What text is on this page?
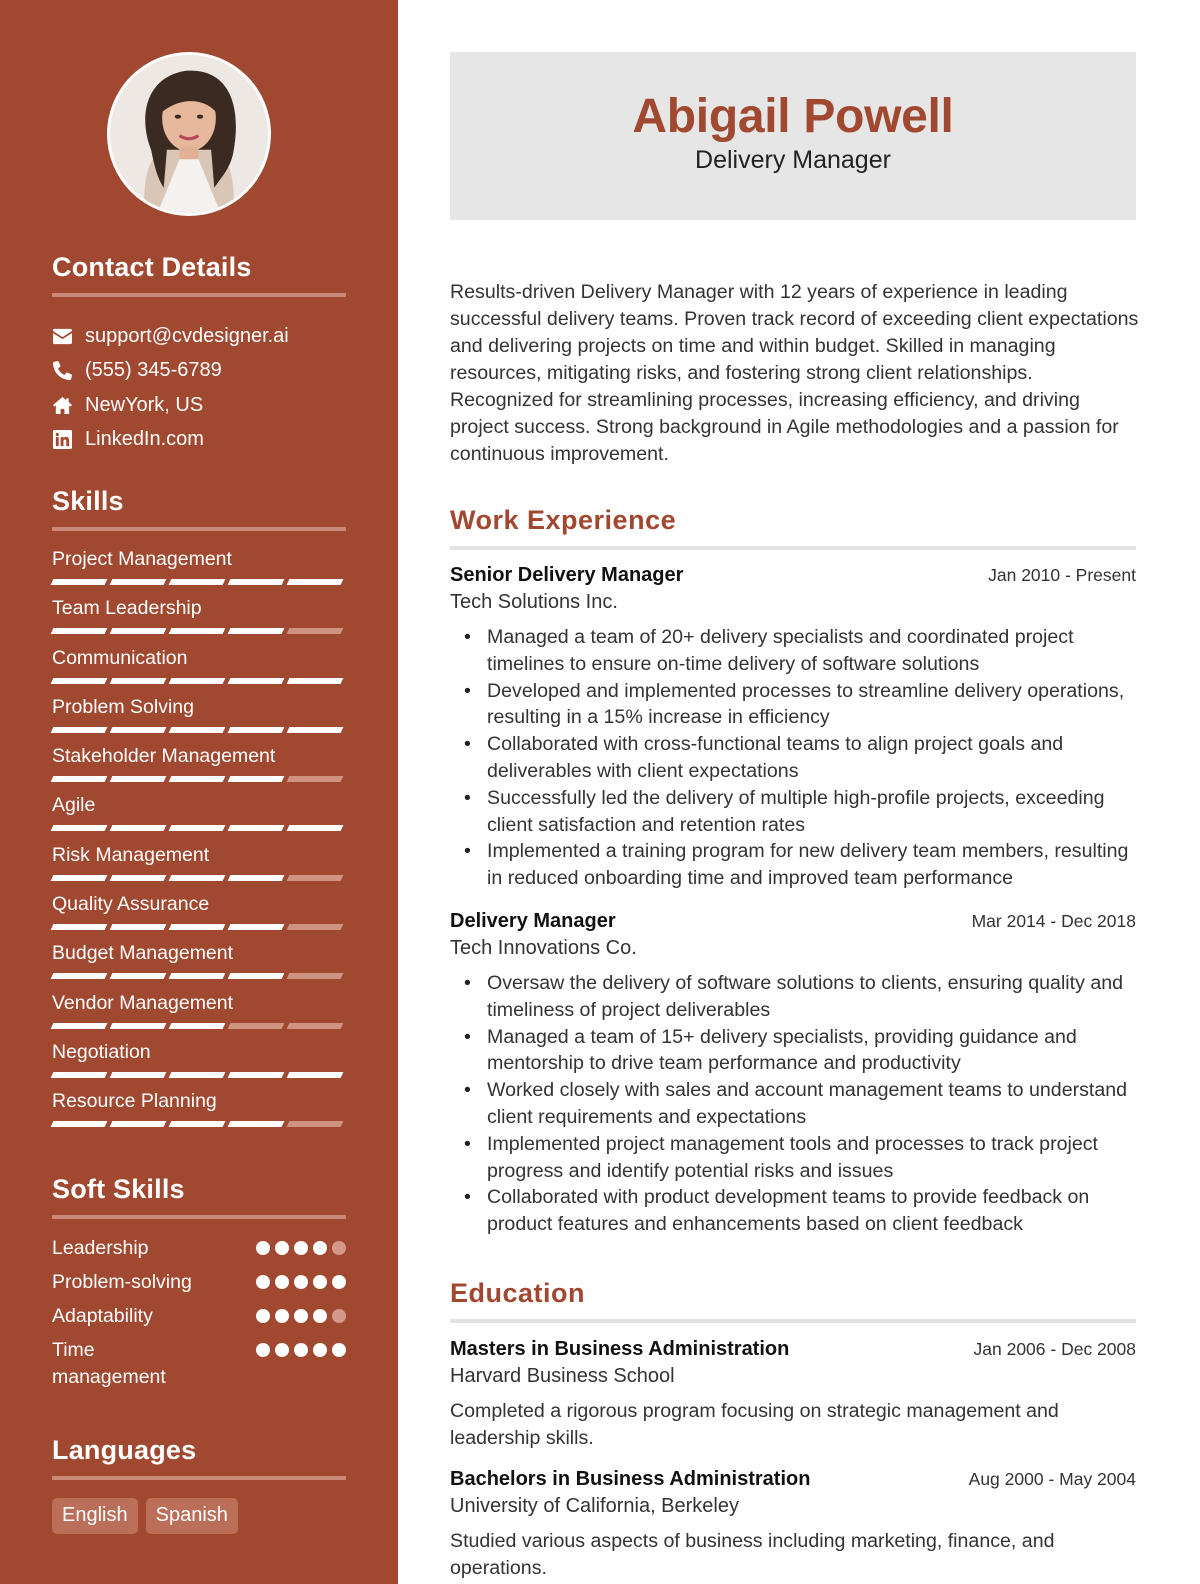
Contact Details
support@cvdesigner.ai
(555) 345-6789
NewYork, US
LinkedIn.com
Skills
Project Management
Team Leadership
Communication
Problem Solving
Stakeholder Management
Agile
Risk Management
Quality Assurance
Budget Management
Vendor Management
Negotiation
Resource Planning
Soft Skills
Leadership
Problem-solving
Adaptability
Time
management
Languages
English	Spanish
Abigail Powell
Delivery Manager

Results-driven Delivery Manager with 12 years of experience in leading successful delivery teams. Proven track record of exceeding client expectations and delivering projects on time and within budget. Skilled in managing resources, mitigating risks, and fostering strong client relationships. Recognized for streamlining processes, increasing efficiency, and driving project success. Strong background in Agile methodologies and a passion for continuous improvement.

Work Experience
Senior Delivery Manager	Jan 2010 - Present
Tech Solutions Inc.
• Managed a team of 20+ delivery specialists and coordinated project timelines to ensure on-time delivery of software solutions
• Developed and implemented processes to streamline delivery operations, resulting in a 15% increase in efficiency
• Collaborated with cross-functional teams to align project goals and deliverables with client expectations
• Successfully led the delivery of multiple high-profile projects, exceeding client satisfaction and retention rates
• Implemented a training program for new delivery team members, resulting in reduced onboarding time and improved team performance
Delivery Manager	Mar 2014 - Dec 2018
Tech Innovations Co.
• Oversaw the delivery of software solutions to clients, ensuring quality and timeliness of project deliverables
• Managed a team of 15+ delivery specialists, providing guidance and mentorship to drive team performance and productivity
• Worked closely with sales and account management teams to understand client requirements and expectations
• Implemented project management tools and processes to track project progress and identify potential risks and issues
• Collaborated with product development teams to provide feedback on product features and enhancements based on client feedback
Education
Masters in Business Administration	Jan 2006 - Dec 2008
Harvard Business School
Completed a rigorous program focusing on strategic management and leadership skills.
Bachelors in Business Administration	Aug 2000 - May 2004
University of California, Berkeley
Studied various aspects of business including marketing, finance, and operations.
